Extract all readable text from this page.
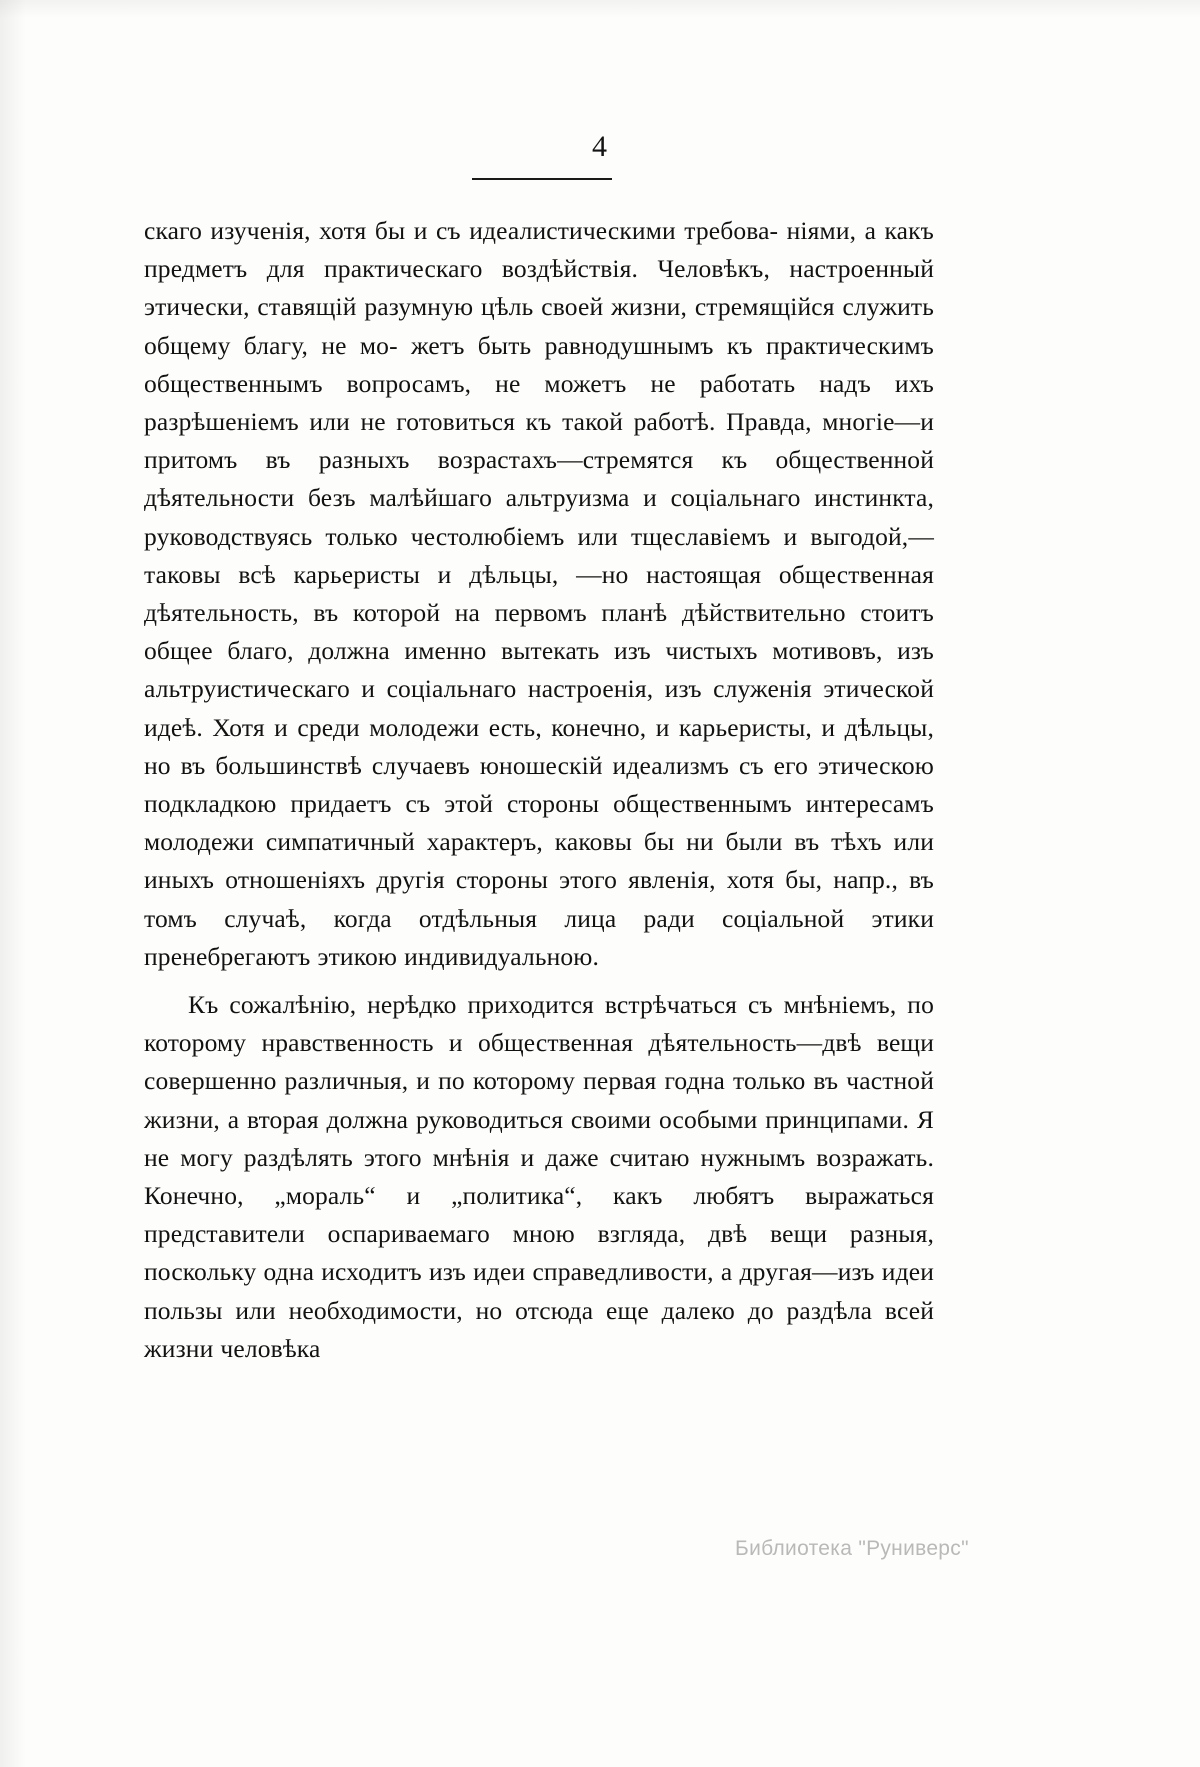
4

скаго изученія, хотя бы и съ идеалистическими требова- ніями, а какъ предметъ для практическаго воздѣйствія. Человѣкъ, настроенный этически, ставящій разумную цѣль своей жизни, стремящійся служить общему благу, не мо- жетъ быть равнодушнымъ къ практическимъ общественнымъ вопросамъ, не можетъ не работать надъ ихъ разрѣшеніемъ или не готовиться къ такой работѣ. Правда, многіе—и притомъ въ разныхъ возрастахъ—стремятся къ общественной дѣятельности безъ малѣйшаго альтруизма и соціальнаго инстинкта, руководствуясь только честолюбіемъ или тщеславіемъ и выгодой,—таковы всѣ карьеристы и дѣльцы, —но настоящая общественная дѣятельность, въ которой на первомъ планѣ дѣйствительно стоитъ общее благо, должна именно вытекать изъ чистыхъ мотивовъ, изъ альтруистическаго и соціальнаго настроенія, изъ служенія этической идеѣ. Хотя и среди молодежи есть, конечно, и карьеристы, и дѣльцы, но въ большинствѣ случаевъ юношескій идеализмъ съ его этическою подкладкою придаетъ съ этой стороны общественнымъ интересамъ молодежи симпатичный характеръ, каковы бы ни были въ тѣхъ или иныхъ отношеніяхъ другія стороны этого явленія, хотя бы, напр., въ томъ случаѣ, когда отдѣльныя лица ради соціальной этики пренебрегаютъ этикою индивидуальною.

Къ сожалѣнію, нерѣдко приходится встрѣчаться съ мнѣніемъ, по которому нравственность и общественная дѣятельность—двѣ вещи совершенно различныя, и по которому первая годна только въ частной жизни, а вторая должна руководиться своими особыми принципами. Я не могу раздѣлять этого мнѣнія и даже считаю нужнымъ возражать. Конечно, „мораль“ и „политика“, какъ любятъ выражаться представители оспариваемаго мною взгляда, двѣ вещи разныя, поскольку одна исходитъ изъ идеи справедливости, а другая—изъ идеи пользы или необходимости, но отсюда еще далеко до раздѣла всей жизни человѣка

Библиотека "Руниверс"
